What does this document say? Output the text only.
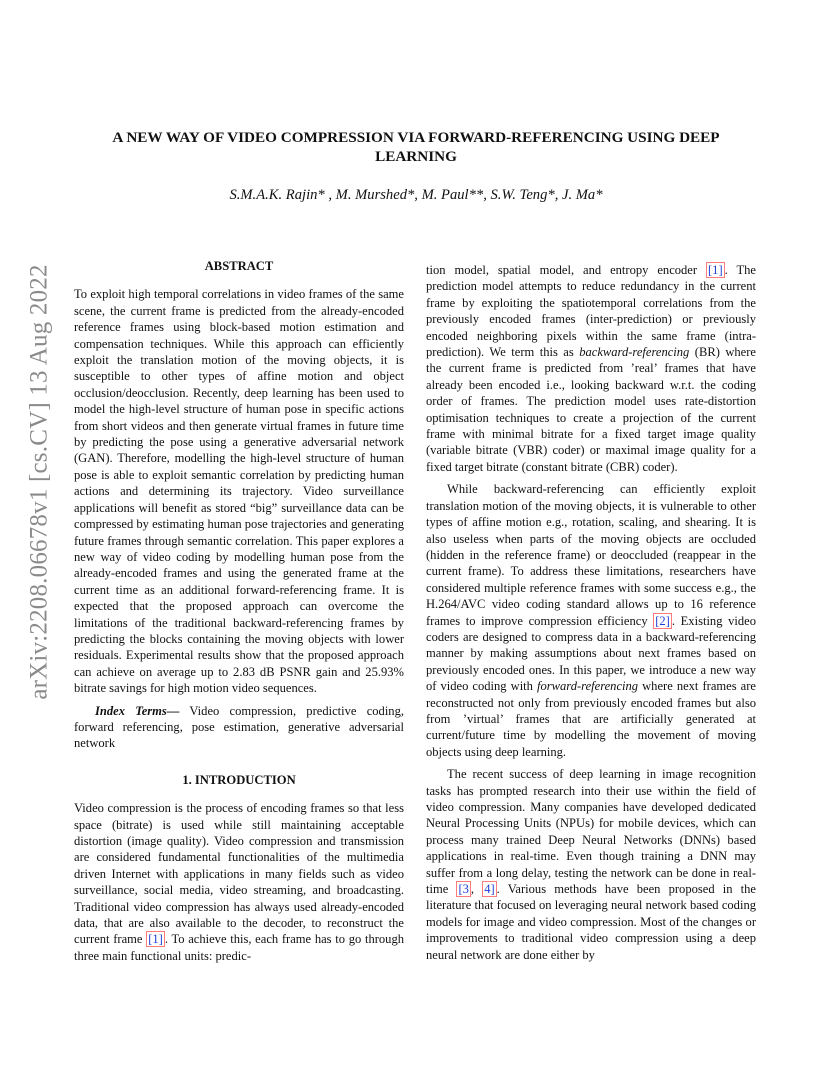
arXiv:2208.06678v1 [cs.CV] 13 Aug 2022
A NEW WAY OF VIDEO COMPRESSION VIA FORWARD-REFERENCING USING DEEP LEARNING
S.M.A.K. Rajin* , M. Murshed*, M. Paul**, S.W. Teng*, J. Ma*
ABSTRACT

To exploit high temporal correlations in video frames of the same scene, the current frame is predicted from the already-encoded reference frames using block-based motion estimation and compensation techniques. While this approach can efficiently exploit the translation motion of the moving objects, it is susceptible to other types of affine motion and object occlusion/deocclusion. Recently, deep learning has been used to model the high-level structure of human pose in specific actions from short videos and then generate virtual frames in future time by predicting the pose using a generative adversarial network (GAN). Therefore, modelling the high-level structure of human pose is able to exploit semantic correlation by predicting human actions and determining its trajectory. Video surveillance applications will benefit as stored “big” surveillance data can be compressed by estimating human pose trajectories and generating future frames through semantic correlation. This paper explores a new way of video coding by modelling human pose from the already-encoded frames and using the generated frame at the current time as an additional forward-referencing frame. It is expected that the proposed approach can overcome the limitations of the traditional backward-referencing frames by predicting the blocks containing the moving objects with lower residuals. Experimental results show that the proposed approach can achieve on average up to 2.83 dB PSNR gain and 25.93% bitrate savings for high motion video sequences.

Index Terms— Video compression, predictive coding, forward referencing, pose estimation, generative adversarial network

1. INTRODUCTION

Video compression is the process of encoding frames so that less space (bitrate) is used while still maintaining acceptable distortion (image quality). Video compression and transmission are considered fundamental functionalities of the multimedia driven Internet with applications in many fields such as video surveillance, social media, video streaming, and broadcasting. Traditional video compression has always used already-encoded data, that are also available to the decoder, to reconstruct the current frame [1] . To achieve this, each frame has to go through three main functional units: predic-

tion model, spatial model, and entropy encoder [1] . The prediction model attempts to reduce redundancy in the current frame by exploiting the spatiotemporal correlations from the previously encoded frames (inter-prediction) or previously encoded neighboring pixels within the same frame (intra-prediction). We term this as backward-referencing (BR) where the current frame is predicted from ’real’ frames that have already been encoded i.e., looking backward w.r.t. the coding order of frames. The prediction model uses rate-distortion optimisation techniques to create a projection of the current frame with minimal bitrate for a fixed target image quality (variable bitrate (VBR) coder) or maximal image quality for a fixed target bitrate (constant bitrate (CBR) coder).

While backward-referencing can efficiently exploit translation motion of the moving objects, it is vulnerable to other types of affine motion e.g., rotation, scaling, and shearing. It is also useless when parts of the moving objects are occluded (hidden in the reference frame) or deoccluded (reappear in the current frame). To address these limitations, researchers have considered multiple reference frames with some success e.g., the H.264/AVC video coding standard allows up to 16 reference frames to improve compression efficiency [2] . Existing video coders are designed to compress data in a backward-referencing manner by making assumptions about next frames based on previously encoded ones. In this paper, we introduce a new way of video coding with forward-referencing where next frames are reconstructed not only from previously encoded frames but also from ’virtual’ frames that are artificially generated at current/future time by modelling the movement of moving objects using deep learning.

The recent success of deep learning in image recognition tasks has prompted research into their use within the field of video compression. Many companies have developed dedicated Neural Processing Units (NPUs) for mobile devices, which can process many trained Deep Neural Networks (DNNs) based applications in real-time. Even though training a DNN may suffer from a long delay, testing the network can be done in real-time [3 , 4] . Various methods have been proposed in the literature that focused on leveraging neural network based coding models for image and video compression. Most of the changes or improvements to traditional video compression using a deep neural network are done either by
